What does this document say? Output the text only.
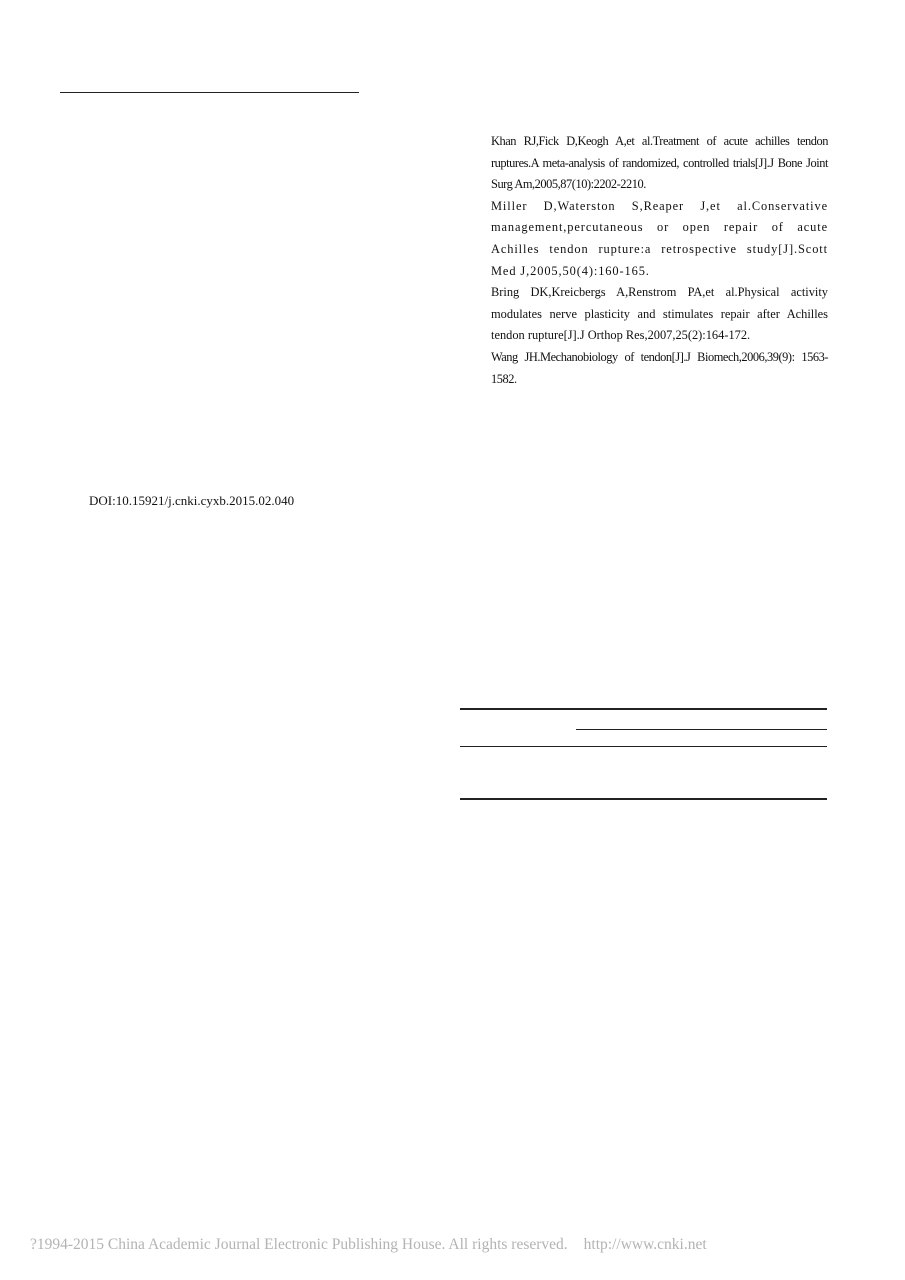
Khan RJ,Fick D,Keogh A,et al.Treatment of acute achilles tendon ruptures.A meta-analysis of randomized, controlled trials[J].J Bone Joint Surg Am,2005,87(10):2202-2210.
Miller D,Waterston S,Reaper J,et al.Conservative management,percutaneous or open repair of acute Achilles tendon rupture:a retrospective study[J].Scott Med J,2005,50(4):160-165.
Bring DK,Kreicbergs A,Renstrom PA,et al.Physical activity modulates nerve plasticity and stimulates repair after Achilles tendon rupture[J].J Orthop Res,2007,25(2):164-172.
Wang JH.Mechanobiology of tendon[J].J Biomech,2006,39(9): 1563-1582.
DOI:10.15921/j.cnki.cyxb.2015.02.040
?1994-2015 China Academic Journal Electronic Publishing House. All rights reserved. http://www.cnki.net
